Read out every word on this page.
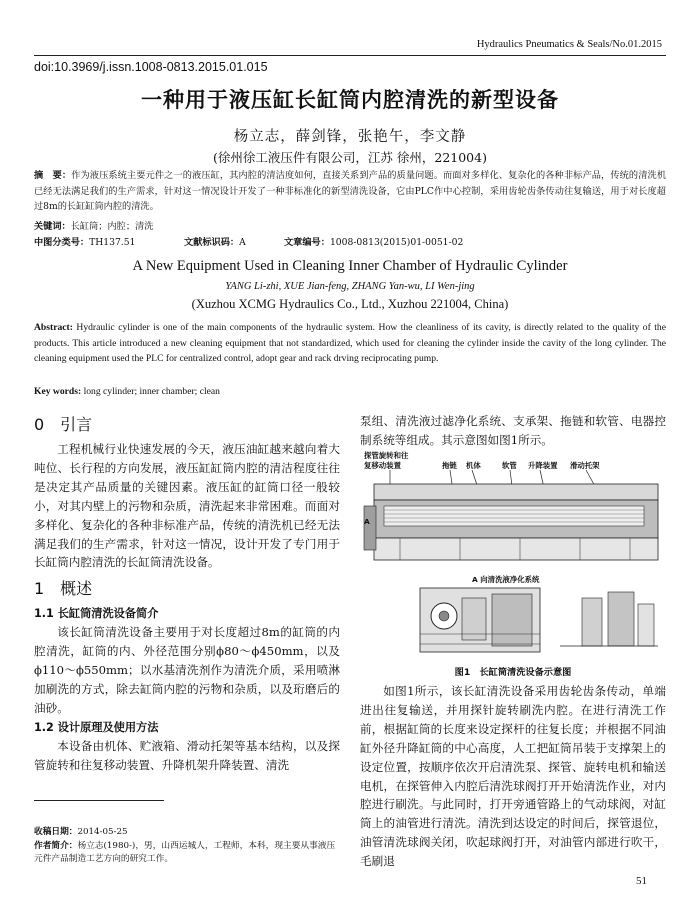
Hydraulics Pneumatics & Seals/No.01.2015
doi:10.3969/j.issn.1008-0813.2015.01.015
一种用于液压缸长缸筒内腔清洗的新型设备
杨立志，薛剑锋，张艳午，李文静
(徐州徐工液压件有限公司，江苏 徐州，221004)
摘　要：作为液压系统主要元件之一的液压缸，其内腔的清洁度如何，直接关系到产品的质量问题。而面对多样化、复杂化的各种非标产品，传统的清洗机已经无法满足我们的生产需求，针对这一情况设计开发了一种非标准化的新型清洗设备，它由PLC作中心控制，采用齿轮齿条传动往复输送，用于对长度超过8m的长缸缸筒内腔的清洗。
关键词：长缸筒；内腔；清洗
中图分类号：TH137.51	文献标识码：A	文章编号：1008-0813(2015)01-0051-02
A New Equipment Used in Cleaning Inner Chamber of Hydraulic Cylinder
YANG Li-zhi, XUE Jian-feng, ZHANG Yan-wu, LI Wen-jing
(Xuzhou XCMG Hydraulics Co., Ltd., Xuzhou 221004, China)
Abstract: Hydraulic cylinder is one of the main components of the hydraulic system. How the cleanliness of its cavity, is directly related to the quality of the products. This article introduced a new cleaning equipment that not standardized, which used for cleaning the cylinder inside the cavity of the long cylinder. The cleaning equipment used the PLC for centralized control, adopt gear and rack drving reciprocating pump.
Key words: long cylinder; inner chamber; clean
0　引言

工程机械行业快速发展的今天，液压油缸越来越向着大吨位、长行程的方向发展，液压缸缸筒内腔的清洁程度往往是决定其产品质量的关键因素。液压缸的缸筒口径一般较小，对其内壁上的污物和杂质，清洗起来非常困难。而面对多样化、复杂化的各种非标准产品，传统的清洗机已经无法满足我们的生产需求，针对这一情况，设计开发了专门用于长缸筒内腔清洗的长缸筒清洗设备。

1　概述
1.1 长缸筒清洗设备简介

该长缸筒清洗设备主要用于对长度超过8m的缸筒的内腔清洗，缸筒的内、外径范围分别ϕ80～ϕ450mm，以及ϕ110～ϕ550mm；以水基清洗剂作为清洗介质，采用喷淋加刷洗的方式，除去缸筒内腔的污物和杂质，以及珩磨后的油砂。

1.2 设计原理及使用方法

本设备由机体、贮液箱、滑动托架等基本结构，以及探管旋转和往复移动装置、升降机架升降装置、清洗

泵组、清洗液过滤净化系统、支承架、拖链和软管、电器控制系统等组成。其示意图如图1所示。

探管旋转和往
复移动装置	拖链 机体	软管 升降装置 滑动托架
A
A 向清洗液净化系统
图1　长缸筒清洗设备示意图

如图1所示，该长缸清洗设备采用齿轮齿条传动，单端进出往复输送，并用探针旋转刷洗内腔。在进行清洗工作前，根据缸筒的长度来设定探杆的往复长度；并根据不同油缸外径升降缸筒的中心高度，人工把缸筒吊装于支撑架上的设定位置，按顺序依次开启清洗泵、探管、旋转电机和输送电机，在探管伸入内腔后清洗球阀打开开始清洗作业，对内腔进行刷洗。与此同时，打开旁通管路上的气动球阀，对缸筒上的油管进行清洗。清洗到达设定的时间后，探管退位，油管清洗球阀关闭，吹起球阀打开，对油管内部进行吹干，毛刷退

收稿日期：2014-05-25
作者简介：杨立志(1980-)，男，山西运城人，工程师，本科，现主要从事液压元件产品制造工艺方向的研究工作。
51
